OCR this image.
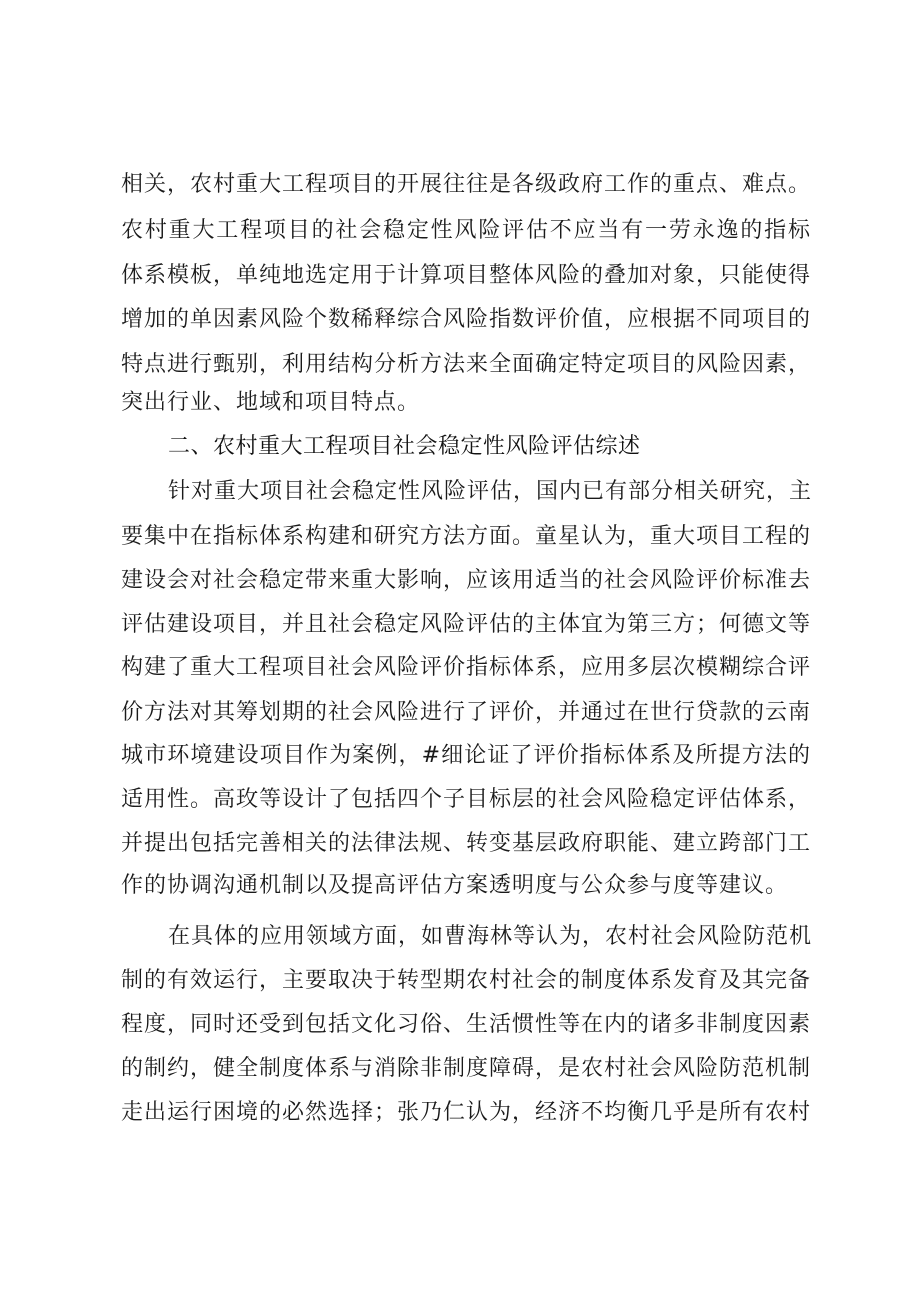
相关，农村重大工程项目的开展往往是各级政府工作的重点、难点。
农村重大工程项目的社会稳定性风险评估不应当有一劳永逸的指标
体系模板，单纯地选定用于计算项目整体风险的叠加对象，只能使得
增加的单因素风险个数稀释综合风险指数评价值，应根据不同项目的
特点进行甄别，利用结构分析方法来全面确定特定项目的风险因素，
突出行业、地域和项目特点。
二、农村重大工程项目社会稳定性风险评估综述
针对重大项目社会稳定性风险评估，国内已有部分相关研究，主
要集中在指标体系构建和研究方法方面。童星认为，重大项目工程的
建设会对社会稳定带来重大影响，应该用适当的社会风险评价标准去
评估建设项目，并且社会稳定风险评估的主体宜为第三方；何德文等
构建了重大工程项目社会风险评价指标体系，应用多层次模糊综合评
价方法对其筹划期的社会风险进行了评价，并通过在世行贷款的云南
城市环境建设项目作为案例，#细论证了评价指标体系及所提方法的
适用性。高玫等设计了包括四个子目标层的社会风险稳定评估体系，
并提出包括完善相关的法律法规、转变基层政府职能、建立跨部门工
作的协调沟通机制以及提高评估方案透明度与公众参与度等建议。
在具体的应用领域方面，如曹海林等认为，农村社会风险防范机
制的有效运行，主要取决于转型期农村社会的制度体系发育及其完备
程度，同时还受到包括文化习俗、生活惯性等在内的诸多非制度因素
的制约，健全制度体系与消除非制度障碍，是农村社会风险防范机制
走出运行困境的必然选择；张乃仁认为，经济不均衡几乎是所有农村
